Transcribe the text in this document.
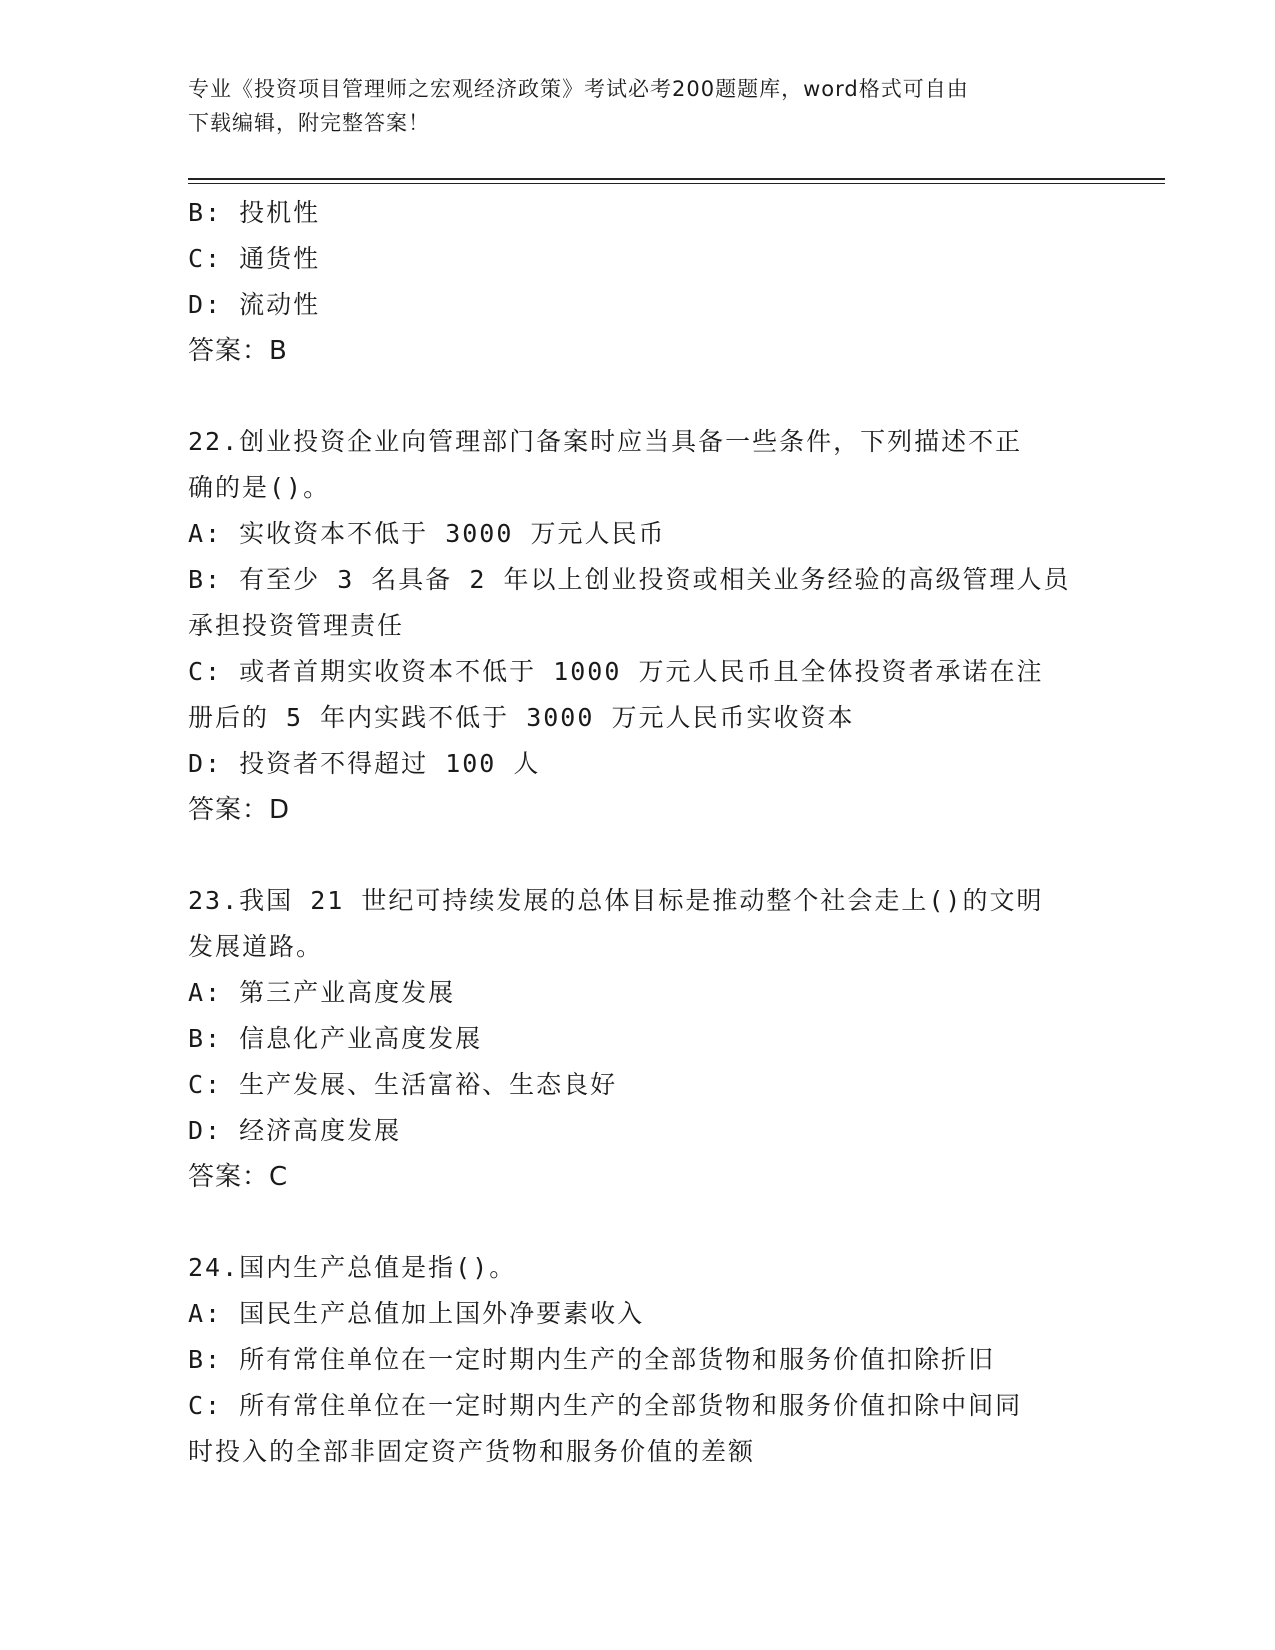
专业《投资项目管理师之宏观经济政策》考试必考200题题库，word格式可自由
下载编辑，附完整答案！
B: 投机性
C: 通货性
D: 流动性
答案：B
22.创业投资企业向管理部门备案时应当具备一些条件，下列描述不正
确的是()。
A: 实收资本不低于 3000 万元人民币
B: 有至少 3 名具备 2 年以上创业投资或相关业务经验的高级管理人员
承担投资管理责任
C: 或者首期实收资本不低于 1000 万元人民币且全体投资者承诺在注
册后的 5 年内实践不低于 3000 万元人民币实收资本
D: 投资者不得超过 100 人
答案：D
23.我国 21 世纪可持续发展的总体目标是推动整个社会走上()的文明
发展道路。
A: 第三产业高度发展
B: 信息化产业高度发展
C: 生产发展、生活富裕、生态良好
D: 经济高度发展
答案：C
24.国内生产总值是指()。
A: 国民生产总值加上国外净要素收入
B: 所有常住单位在一定时期内生产的全部货物和服务价值扣除折旧
C: 所有常住单位在一定时期内生产的全部货物和服务价值扣除中间同
时投入的全部非固定资产货物和服务价值的差额
